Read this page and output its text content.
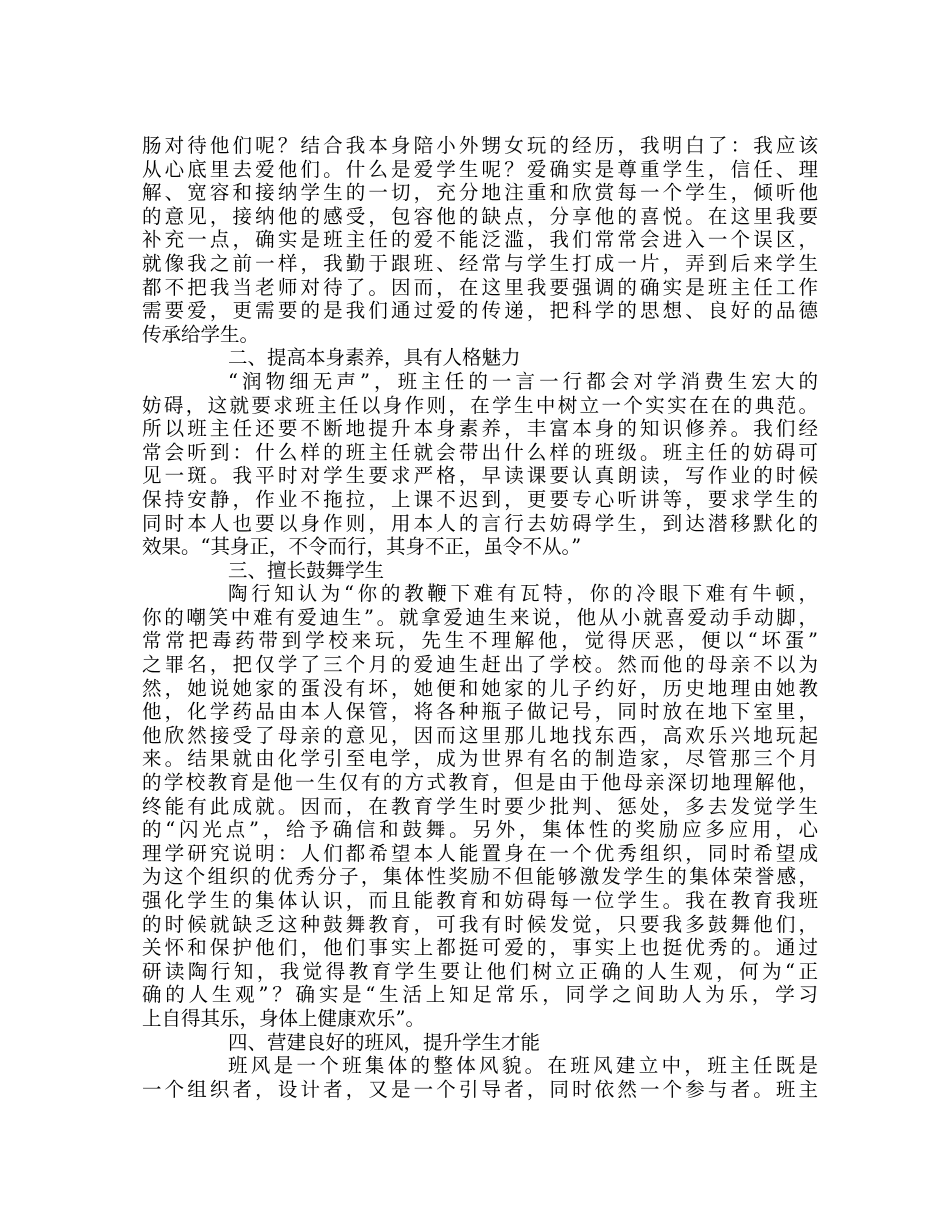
肠对待他们呢？结合我本身陪小外甥女玩的经历，我明白了：我应该
从心底里去爱他们。什么是爱学生呢？爱确实是尊重学生，信任、理
解、宽容和接纳学生的一切，充分地注重和欣赏每一个学生，倾听他
的意见，接纳他的感受，包容他的缺点，分享他的喜悦。在这里我要
补充一点，确实是班主任的爱不能泛滥，我们常常会进入一个误区，
就像我之前一样，我勤于跟班、经常与学生打成一片，弄到后来学生
都不把我当老师对待了。因而，在这里我要强调的确实是班主任工作
需要爱，更需要的是我们通过爱的传递，把科学的思想、良好的品德
传承给学生。
二、提高本身素养，具有人格魅力
“润物细无声”，班主任的一言一行都会对学消费生宏大的
妨碍，这就要求班主任以身作则，在学生中树立一个实实在在的典范。
所以班主任还要不断地提升本身素养，丰富本身的知识修养。我们经
常会听到：什么样的班主任就会带出什么样的班级。班主任的妨碍可
见一斑。我平时对学生要求严格，早读课要认真朗读，写作业的时候
保持安静，作业不拖拉，上课不迟到，更要专心听讲等，要求学生的
同时本人也要以身作则，用本人的言行去妨碍学生，到达潜移默化的
效果。“其身正，不令而行，其身不正，虽令不从。”
三、擅长鼓舞学生
陶行知认为“你的教鞭下难有瓦特，你的冷眼下难有牛顿，
你的嘲笑中难有爱迪生”。就拿爱迪生来说，他从小就喜爱动手动脚，
常常把毒药带到学校来玩，先生不理解他，觉得厌恶，便以“坏蛋”
之罪名，把仅学了三个月的爱迪生赶出了学校。然而他的母亲不以为
然，她说她家的蛋没有坏，她便和她家的儿子约好，历史地理由她教
他，化学药品由本人保管，将各种瓶子做记号，同时放在地下室里，
他欣然接受了母亲的意见，因而这里那儿地找东西，高欢乐兴地玩起
来。结果就由化学引至电学，成为世界有名的制造家，尽管那三个月
的学校教育是他一生仅有的方式教育，但是由于他母亲深切地理解他，
终能有此成就。因而，在教育学生时要少批判、惩处，多去发觉学生
的“闪光点”，给予确信和鼓舞。另外，集体性的奖励应多应用，心
理学研究说明：人们都希望本人能置身在一个优秀组织，同时希望成
为这个组织的优秀分子，集体性奖励不但能够激发学生的集体荣誉感，
强化学生的集体认识，而且能教育和妨碍每一位学生。我在教育我班
的时候就缺乏这种鼓舞教育，可我有时候发觉，只要我多鼓舞他们，
关怀和保护他们，他们事实上都挺可爱的，事实上也挺优秀的。通过
研读陶行知，我觉得教育学生要让他们树立正确的人生观，何为“正
确的人生观”？确实是“生活上知足常乐，同学之间助人为乐，学习
上自得其乐，身体上健康欢乐”。
四、营建良好的班风，提升学生才能
班风是一个班集体的整体风貌。在班风建立中，班主任既是
一个组织者，设计者，又是一个引导者，同时依然一个参与者。班主
